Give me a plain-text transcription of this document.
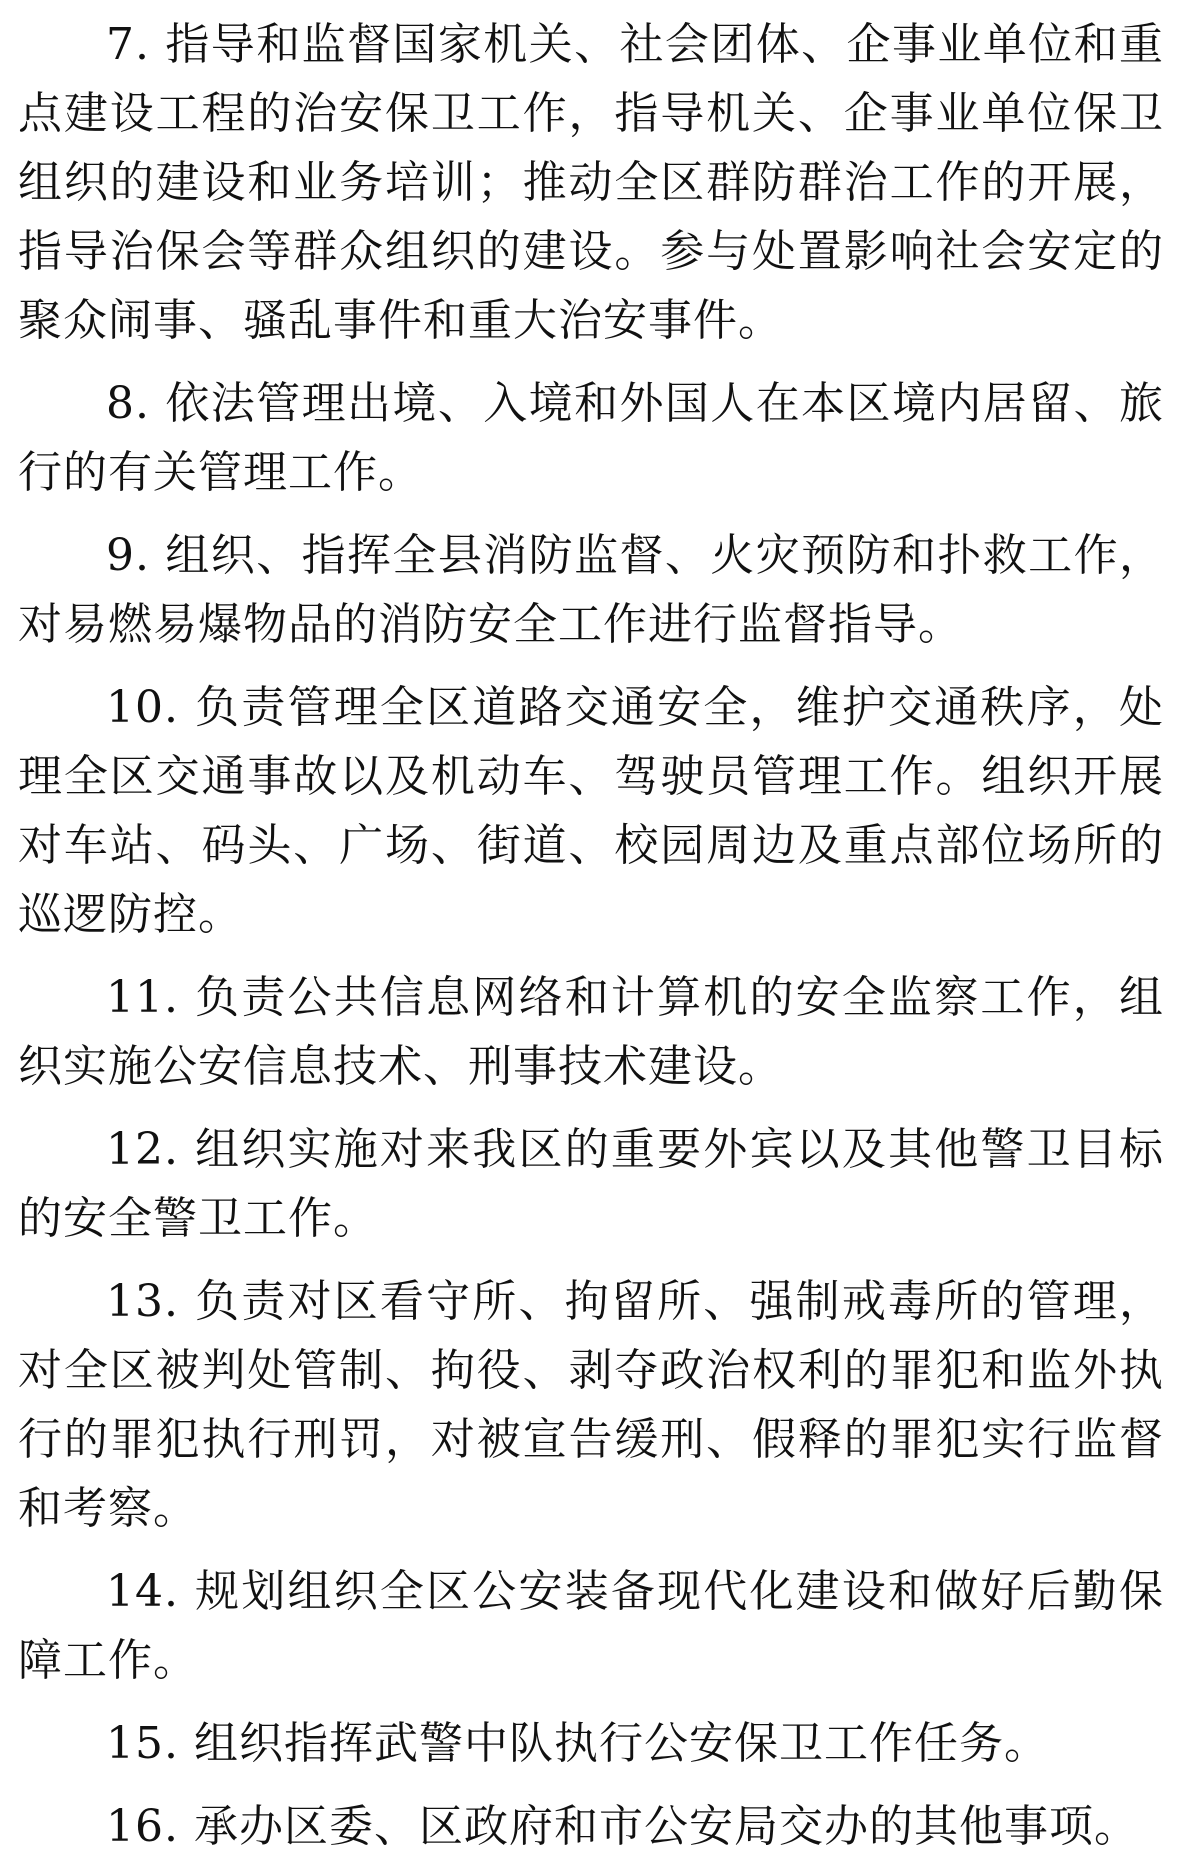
7. 指导和监督国家机关、社会团体、企事业单位和重点建设工程的治安保卫工作，指导机关、企事业单位保卫组织的建设和业务培训；推动全区群防群治工作的开展，指导治保会等群众组织的建设。参与处置影响社会安定的聚众闹事、骚乱事件和重大治安事件。

8. 依法管理出境、入境和外国人在本区境内居留、旅行的有关管理工作。

9. 组织、指挥全县消防监督、火灾预防和扑救工作，对易燃易爆物品的消防安全工作进行监督指导。

10. 负责管理全区道路交通安全，维护交通秩序，处理全区交通事故以及机动车、驾驶员管理工作。组织开展对车站、码头、广场、街道、校园周边及重点部位场所的巡逻防控。

11. 负责公共信息网络和计算机的安全监察工作，组织实施公安信息技术、刑事技术建设。

12. 组织实施对来我区的重要外宾以及其他警卫目标的安全警卫工作。

13. 负责对区看守所、拘留所、强制戒毒所的管理，对全区被判处管制、拘役、剥夺政治权利的罪犯和监外执行的罪犯执行刑罚，对被宣告缓刑、假释的罪犯实行监督和考察。

14. 规划组织全区公安装备现代化建设和做好后勤保障工作。

15. 组织指挥武警中队执行公安保卫工作任务。

16. 承办区委、区政府和市公安局交办的其他事项。
